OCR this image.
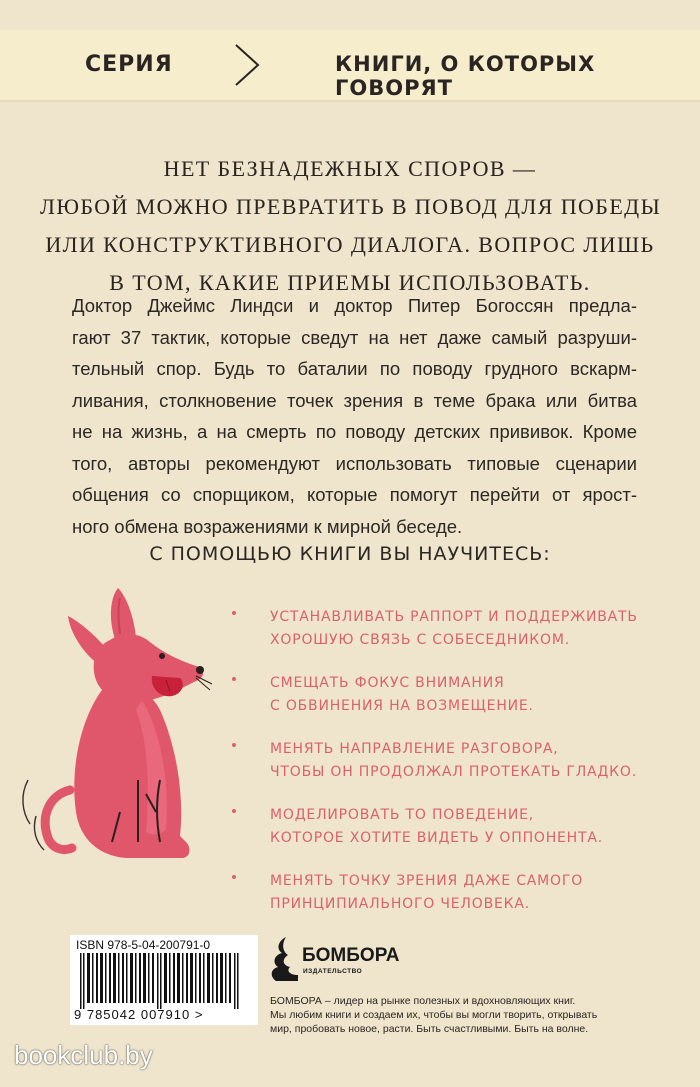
СЕРИЯ	КНИГИ, О КОТОРЫХ ГОВОРЯТ
НЕТ БЕЗНАДЕЖНЫХ СПОРОВ —
ЛЮБОЙ МОЖНО ПРЕВРАТИТЬ В ПОВОД ДЛЯ ПОБЕДЫ
ИЛИ КОНСТРУКТИВНОГО ДИАЛОГА. ВОПРОС ЛИШЬ
В ТОМ, КАКИЕ ПРИЕМЫ ИСПОЛЬЗОВАТЬ.
Доктор Джеймс Линдси и доктор Питер Богоссян предла-
гают 37 тактик, которые сведут на нет даже самый разруши-
тельный спор. Будь то баталии по поводу грудного вскарм-
ливания, столкновение точек зрения в теме брака или битва
не на жизнь, а на смерть по поводу детских прививок. Кроме
того, авторы рекомендуют использовать типовые сценарии
общения со спорщиком, которые помогут перейти от ярост-
ного обмена возражениями к мирной беседе.
С ПОМОЩЬЮ КНИГИ ВЫ НАУЧИТЕСЬ:
УСТАНАВЛИВАТЬ РАППОРТ И ПОДДЕРЖИВАТЬ
ХОРОШУЮ СВЯЗЬ С СОБЕСЕДНИКОМ.
СМЕЩАТЬ ФОКУС ВНИМАНИЯ
С ОБВИНЕНИЯ НА ВОЗМЕЩЕНИЕ.
МЕНЯТЬ НАПРАВЛЕНИЕ РАЗГОВОРА,
ЧТОБЫ ОН ПРОДОЛЖАЛ ПРОТЕКАТЬ ГЛАДКО.
МОДЕЛИРОВАТЬ ТО ПОВЕДЕНИЕ,
КОТОРОЕ ХОТИТЕ ВИДЕТЬ У ОППОНЕНТА.
МЕНЯТЬ ТОЧКУ ЗРЕНИЯ ДАЖЕ САМОГО
ПРИНЦИПИАЛЬНОГО ЧЕЛОВЕКА.
ISBN 978-5-04-200791-0
9 785042 007910 >
БОМБОРА
ИЗДАТЕЛЬСТВО
БОМБОРА – лидер на рынке полезных и вдохновляющих книг.
Мы любим книги и создаем их, чтобы вы могли творить, открывать
мир, пробовать новое, расти. Быть счастливыми. Быть на волне.
bookclub.by
